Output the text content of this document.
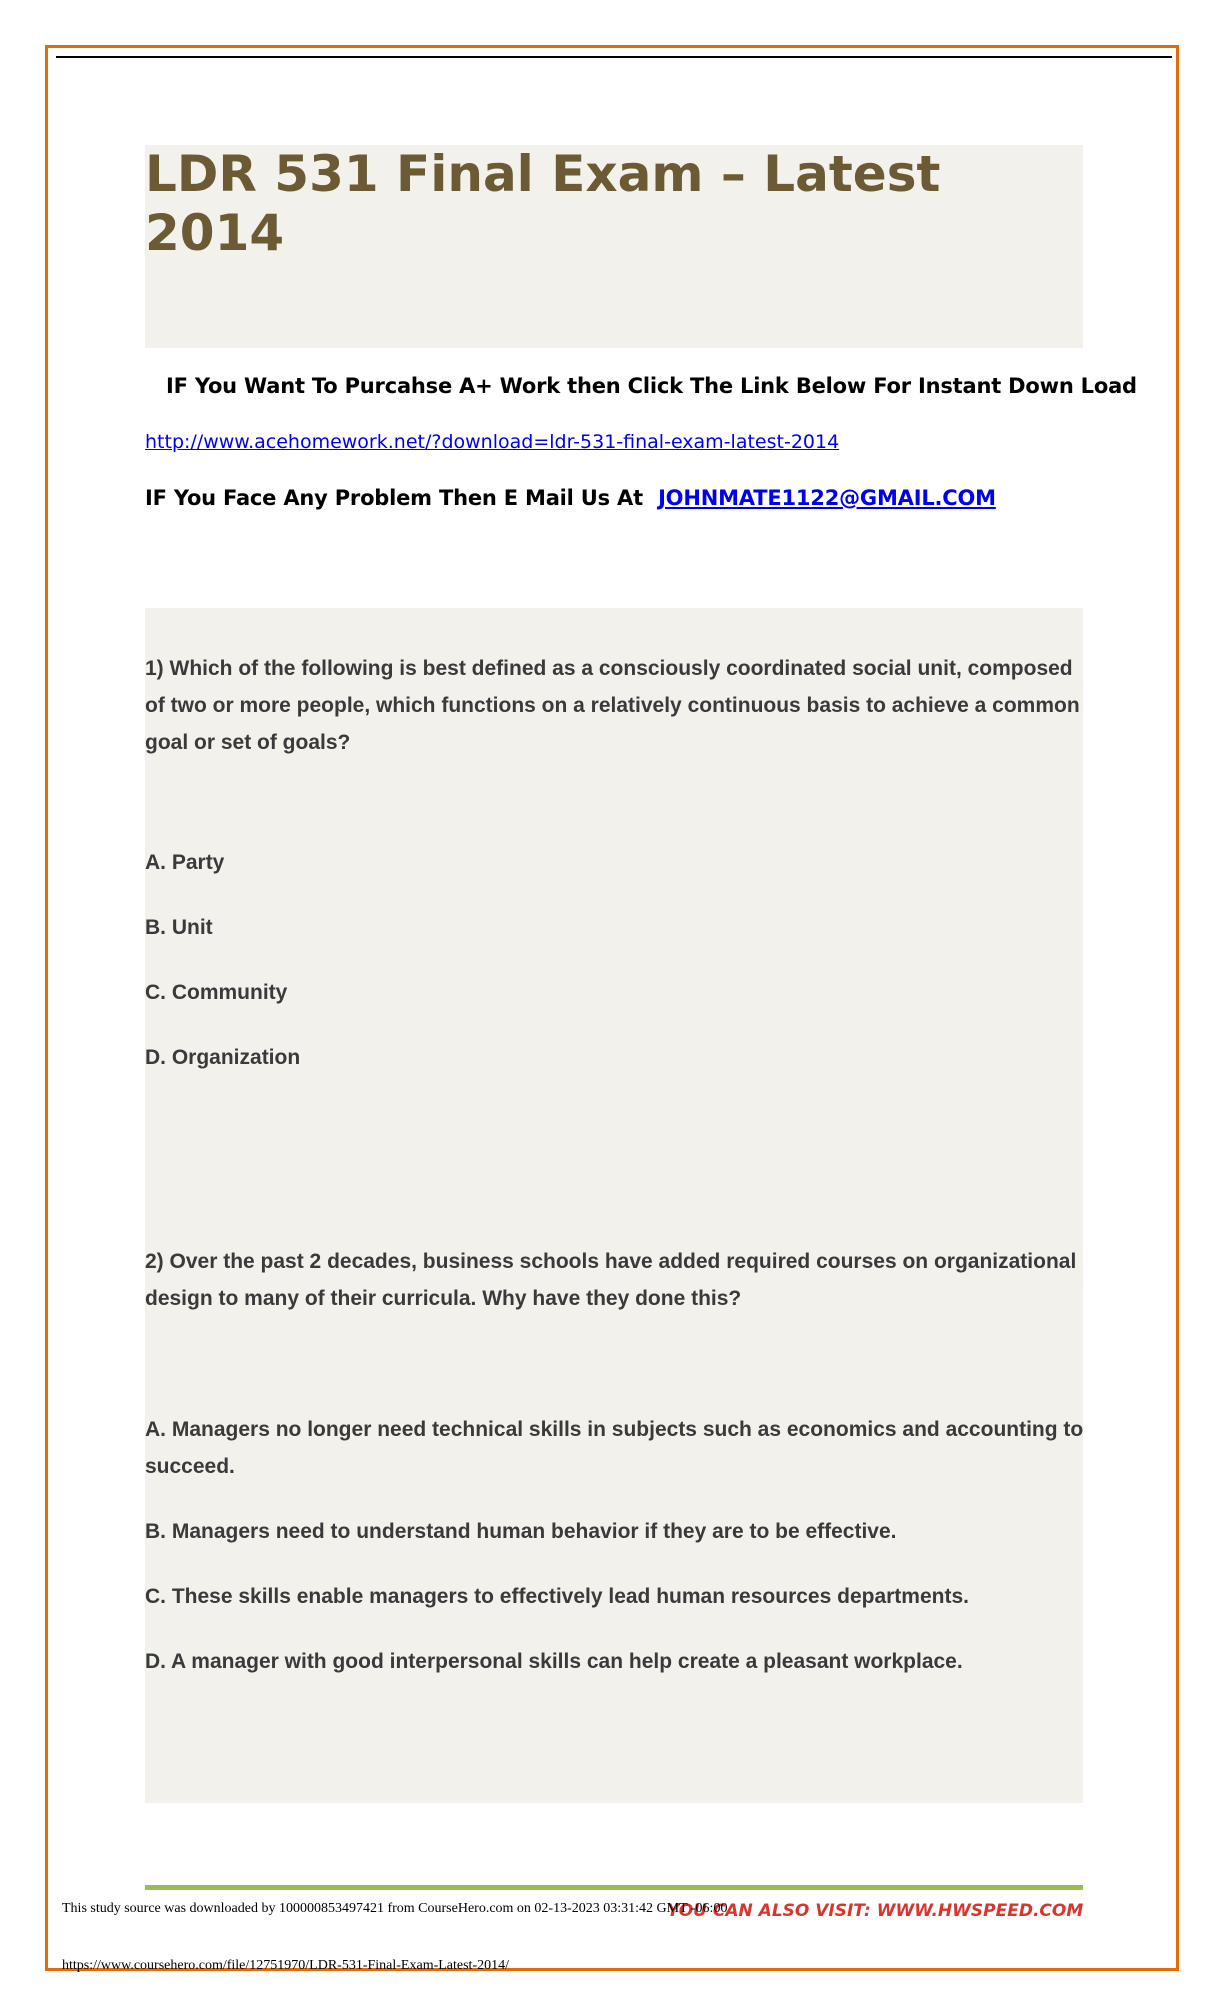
LDR 531 Final Exam – Latest 2014
IF You Want To Purcahse A+ Work then Click The Link Below For Instant Down Load
http://www.acehomework.net/?download=ldr-531-final-exam-latest-2014
IF You Face Any Problem Then E Mail Us At JOHNMATE1122@GMAIL.COM

1) Which of the following is best defined as a consciously coordinated social unit, composed of two or more people, which functions on a relatively continuous basis to achieve a common goal or set of goals?

A. Party

B. Unit

C. Community

D. Organization

2) Over the past 2 decades, business schools have added required courses on organizational design to many of their curricula. Why have they done this?

A. Managers no longer need technical skills in subjects such as economics and accounting to succeed.

B. Managers need to understand human behavior if they are to be effective.

C. These skills enable managers to effectively lead human resources departments.

D. A manager with good interpersonal skills can help create a pleasant workplace.

YOU CAN ALSO VISIT: WWW.HWSPEED.COM
This study source was downloaded by 100000853497421 from CourseHero.com on 02-13-2023 03:31:42 GMT -06:00
https://www.coursehero.com/file/12751970/LDR-531-Final-Exam-Latest-2014/
